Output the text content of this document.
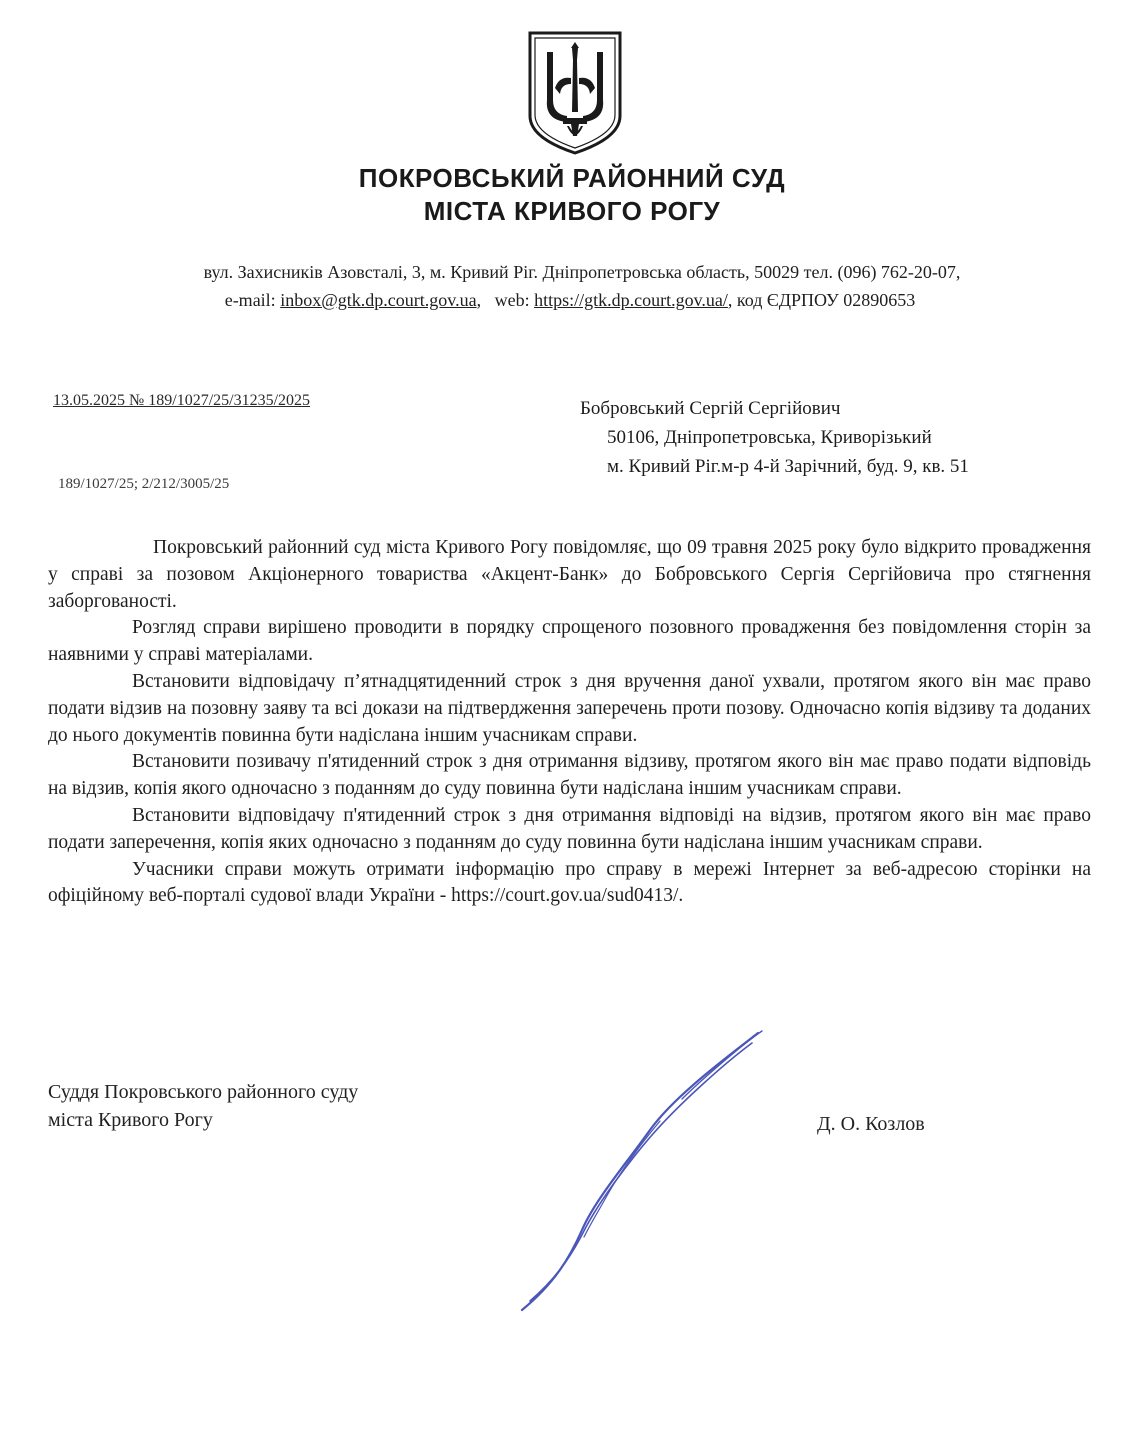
ПОКРОВСЬКИЙ РАЙОННИЙ СУД
МІСТА КРИВОГО РОГУ
вул. Захисників Азовсталі, 3, м. Кривий Ріг. Дніпропетровська область, 50029 тел. (096) 762-20-07,
e-mail: inbox@gtk.dp.court.gov.ua,   web: https://gtk.dp.court.gov.ua/, код ЄДРПОУ 02890653
13.05.2025 № 189/1027/25/31235/2025
189/1027/25; 2/212/3005/25
Бобровський Сергій Сергійович
50106, Дніпропетровська, Криворізький
м. Кривий Ріг.м-р 4-й Зарічний, буд. 9, кв. 51

Покровський районний суд міста Кривого Рогу повідомляє, що 09 травня 2025 року було відкрито провадження у справі за позовом Акціонерного товариства «Акцент-Банк» до Бобровського Сергія Сергійовича про стягнення заборгованості.

Розгляд справи вирішено проводити в порядку спрощеного позовного провадження без повідомлення сторін за наявними у справі матеріалами.

Встановити відповідачу п’ятнадцятиденний строк з дня вручення даної ухвали, протягом якого він має право подати відзив на позовну заяву та всі докази на підтвердження заперечень проти позову. Одночасно копія відзиву та доданих до нього документів повинна бути надіслана іншим учасникам справи.

Встановити позивачу п'ятиденний строк з дня отримання відзиву, протягом якого він має право подати відповідь на відзив, копія якого одночасно з поданням до суду повинна бути надіслана іншим учасникам справи.

Встановити відповідачу п'ятиденний строк з дня отримання відповіді на відзив, протягом якого він має право подати заперечення, копія яких одночасно з поданням до суду повинна бути надіслана іншим учасникам справи.

Учасники справи можуть отримати інформацію про справу в мережі Інтернет за веб-адресою сторінки на офіційному веб-порталі судової влади України - https://court.gov.ua/sud0413/.

Суддя Покровського районного суду
міста Кривого Рогу	Д. О. Козлов
